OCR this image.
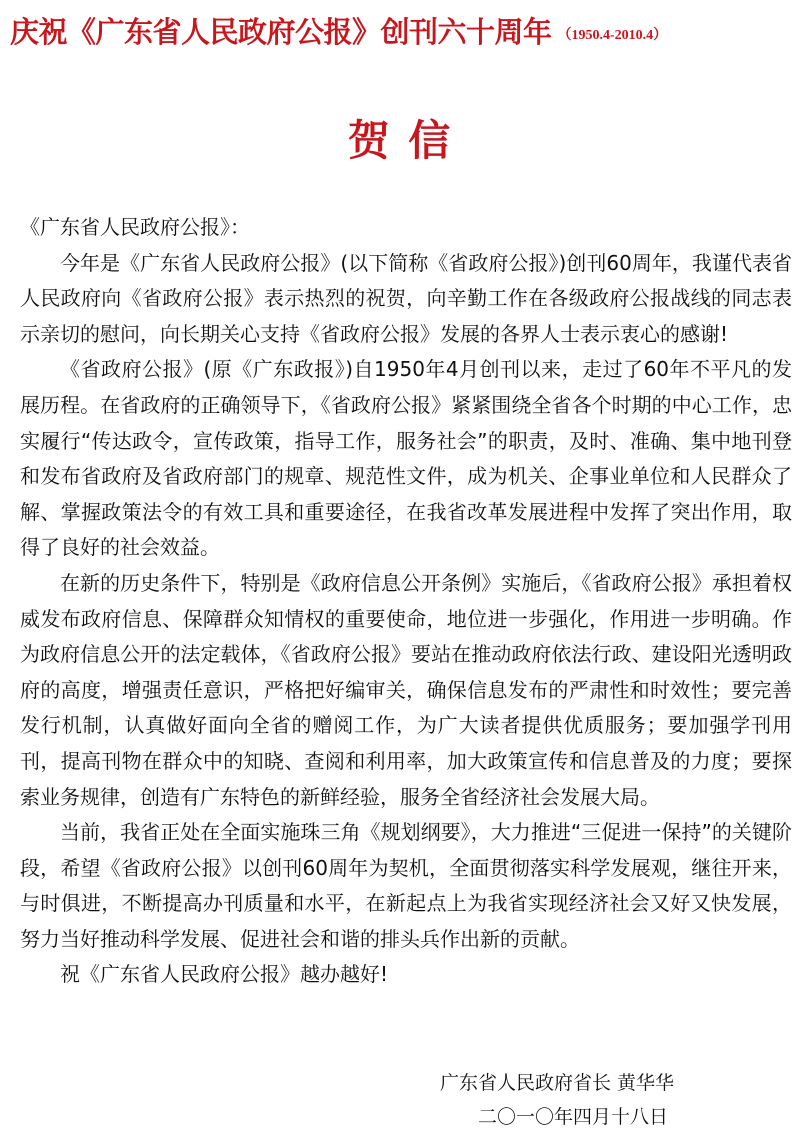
庆祝《广东省人民政府公报》创刊六十周年 （1950.4-2010.4）
贺 信

《广东省人民政府公报》：

今年是《广东省人民政府公报》(以下简称《省政府公报》)创刊60周年，我谨代表省人民政府向《省政府公报》表示热烈的祝贺，向辛勤工作在各级政府公报战线的同志表示亲切的慰问，向长期关心支持《省政府公报》发展的各界人士表示衷心的感谢!

《省政府公报》(原《广东政报》)自1950年4月创刊以来，走过了60年不平凡的发展历程。在省政府的正确领导下，《省政府公报》紧紧围绕全省各个时期的中心工作，忠实履行“传达政令，宣传政策，指导工作，服务社会”的职责，及时、准确、集中地刊登和发布省政府及省政府部门的规章、规范性文件，成为机关、企事业单位和人民群众了解、掌握政策法令的有效工具和重要途径，在我省改革发展进程中发挥了突出作用，取得了良好的社会效益。

在新的历史条件下，特别是《政府信息公开条例》实施后，《省政府公报》承担着权威发布政府信息、保障群众知情权的重要使命，地位进一步强化，作用进一步明确。作为政府信息公开的法定载体，《省政府公报》要站在推动政府依法行政、建设阳光透明政府的高度，增强责任意识，严格把好编审关，确保信息发布的严肃性和时效性；要完善发行机制，认真做好面向全省的赠阅工作，为广大读者提供优质服务；要加强学刊用刊，提高刊物在群众中的知晓、查阅和利用率，加大政策宣传和信息普及的力度；要探索业务规律，创造有广东特色的新鲜经验，服务全省经济社会发展大局。

当前，我省正处在全面实施珠三角《规划纲要》，大力推进“三促进一保持”的关键阶段，希望《省政府公报》以创刊60周年为契机，全面贯彻落实科学发展观，继往开来，与时俱进，不断提高办刊质量和水平，在新起点上为我省实现经济社会又好又快发展，努力当好推动科学发展、促进社会和谐的排头兵作出新的贡献。

祝《广东省人民政府公报》越办越好!

广东省人民政府省长 黄华华
二〇一〇年四月十八日
